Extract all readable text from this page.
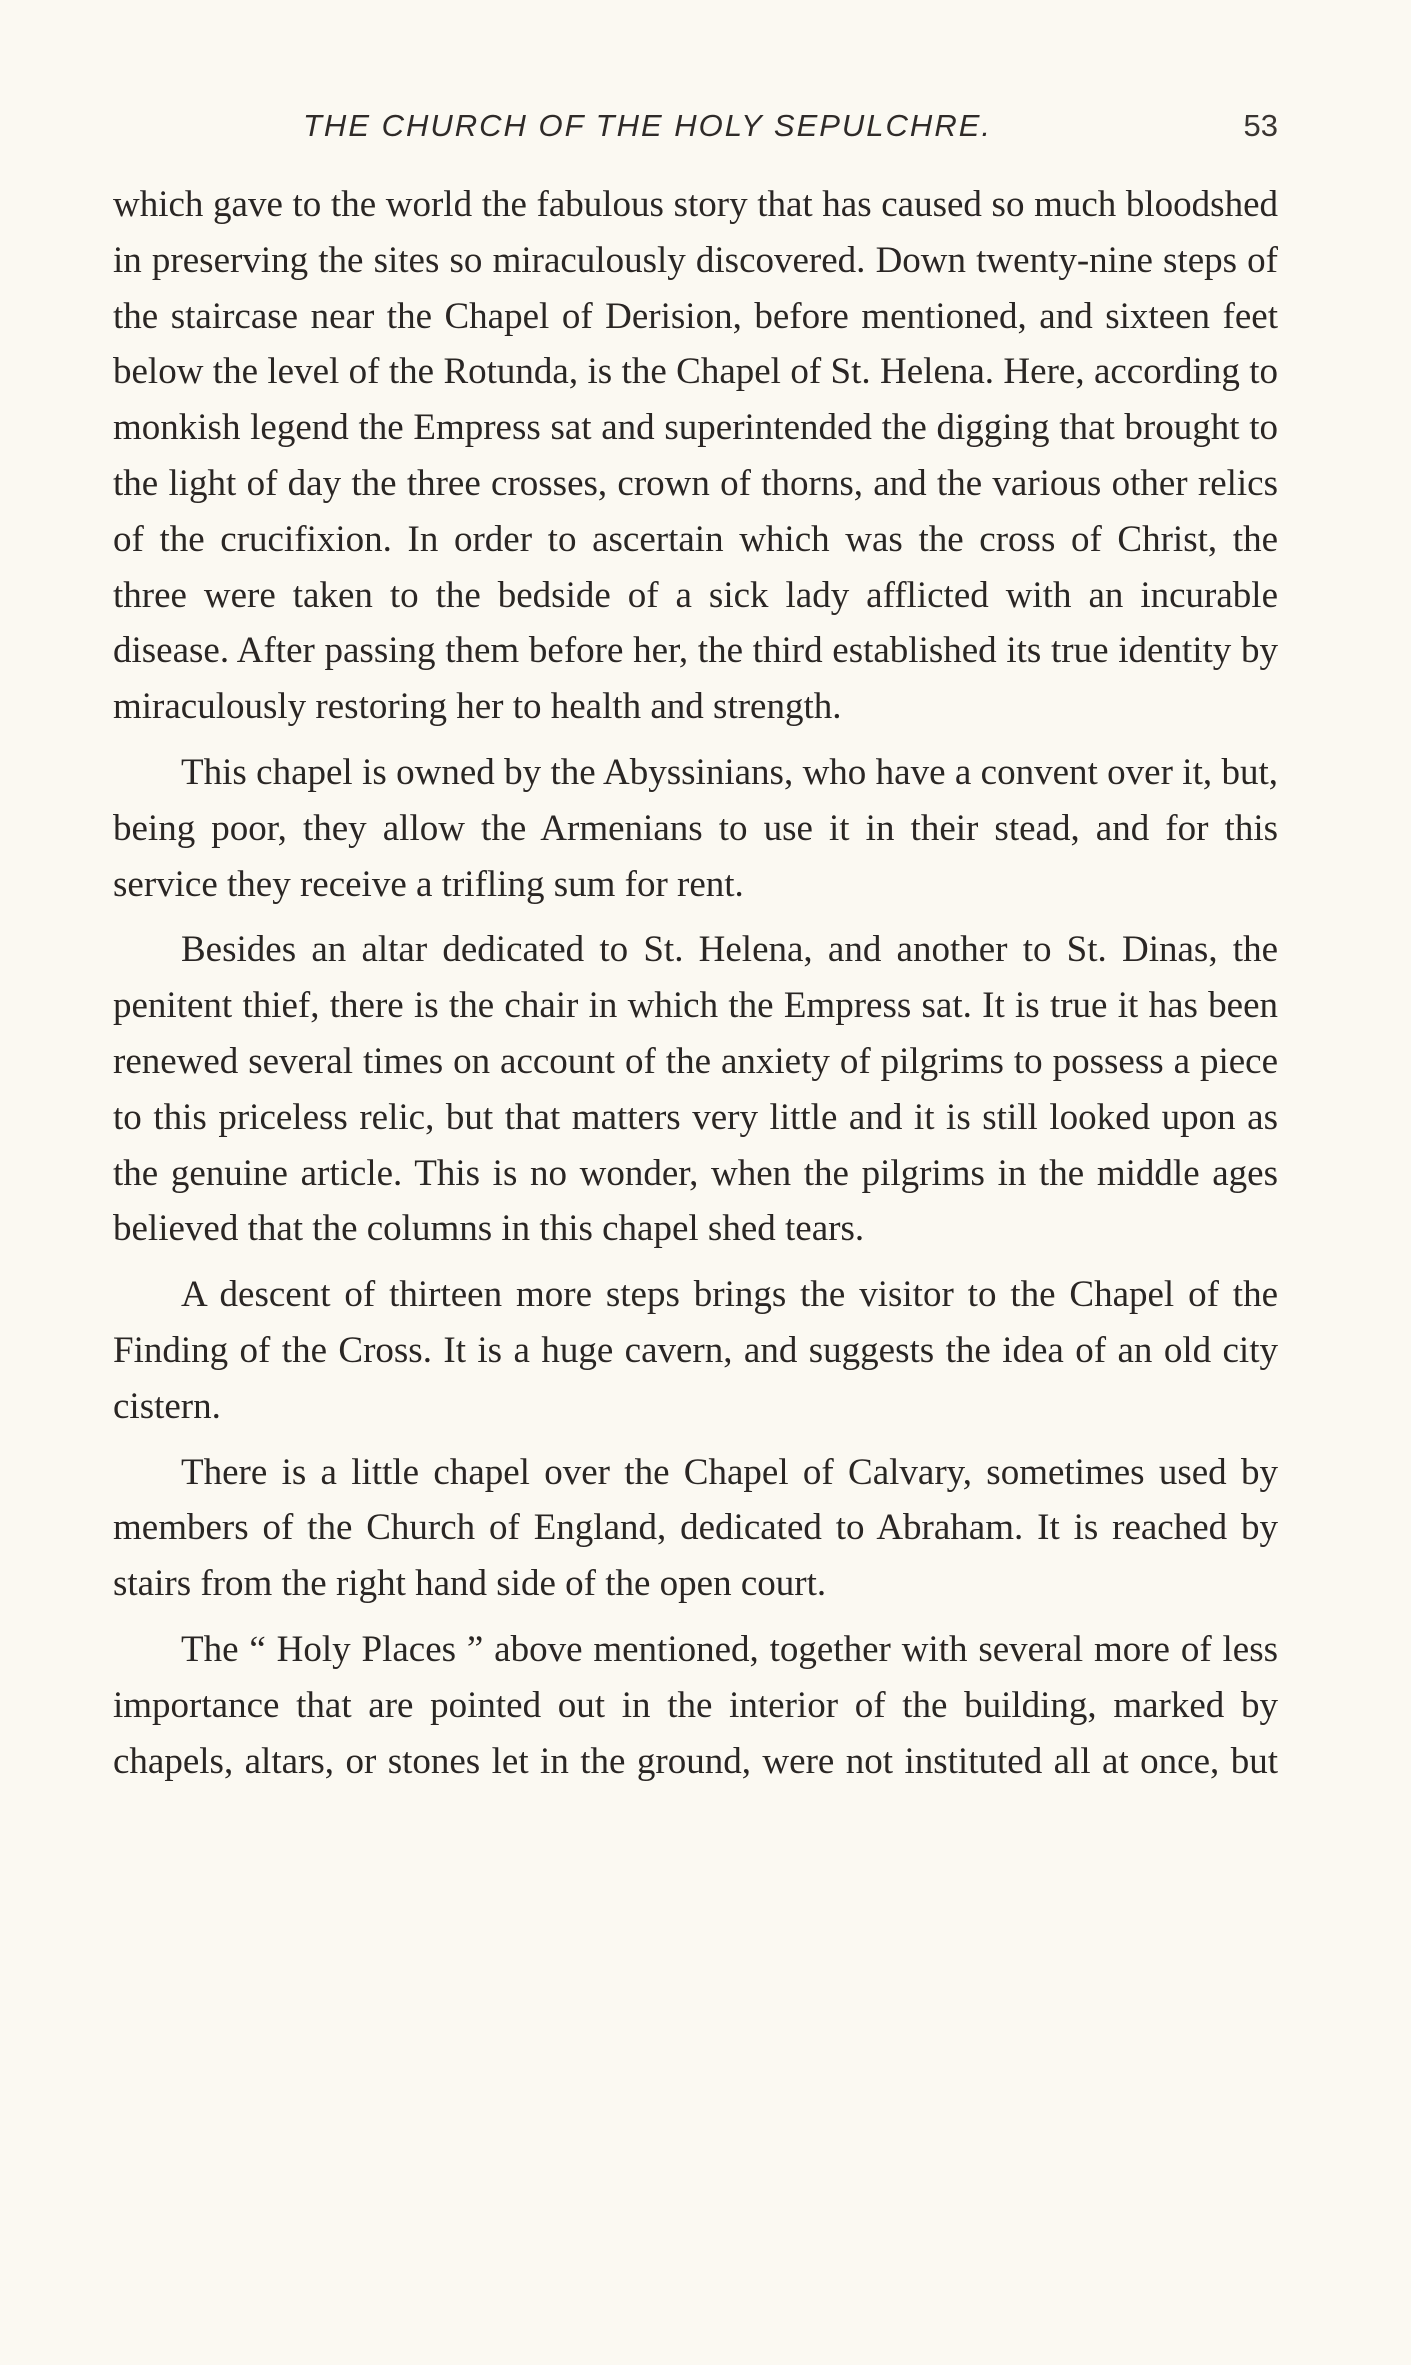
THE CHURCH OF THE HOLY SEPULCHRE.	53

which gave to the world the fabulous story that has caused so much bloodshed in preserving the sites so miraculously discovered. Down twenty-nine steps of the staircase near the Chapel of Derision, before mentioned, and sixteen feet below the level of the Rotunda, is the Chapel of St. Helena. Here, according to monkish legend the Empress sat and superintended the digging that brought to the light of day the three crosses, crown of thorns, and the various other relics of the crucifixion. In order to ascertain which was the cross of Christ, the three were taken to the bedside of a sick lady afflicted with an incurable disease. After passing them before her, the third established its true identity by miraculously restoring her to health and strength.

This chapel is owned by the Abyssinians, who have a convent over it, but, being poor, they allow the Armenians to use it in their stead, and for this service they receive a trifling sum for rent.

Besides an altar dedicated to St. Helena, and another to St. Dinas, the penitent thief, there is the chair in which the Empress sat. It is true it has been renewed several times on account of the anxiety of pilgrims to possess a piece to this priceless relic, but that matters very little and it is still looked upon as the genuine article. This is no wonder, when the pilgrims in the middle ages believed that the columns in this chapel shed tears.

A descent of thirteen more steps brings the visitor to the Chapel of the Finding of the Cross. It is a huge cavern, and suggests the idea of an old city cistern.

There is a little chapel over the Chapel of Calvary, sometimes used by members of the Church of England, dedicated to Abraham. It is reached by stairs from the right hand side of the open court.

The “ Holy Places ” above mentioned, together with several more of less importance that are pointed out in the interior of the building, marked by chapels, altars, or stones let in the ground, were not instituted all at once, but
